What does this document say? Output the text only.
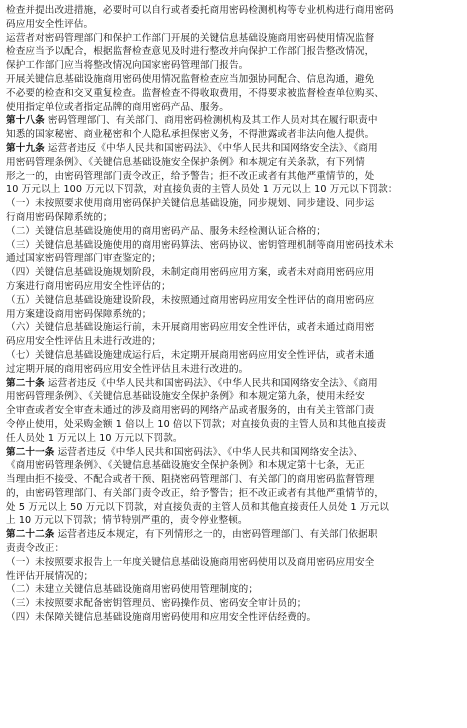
检查并提出改进措施，必要时可以自行或者委托商用密码检测机构等专业机构进行商用密码
码应用安全性评估。
运营者对密码管理部门和保护工作部门开展的关键信息基础设施商用密码使用情况监督
检查应当予以配合，根据监督检查意见及时进行整改并向保护工作部门报告整改情况，
保护工作部门应当将整改情况向国家密码管理部门报告。
开展关键信息基础设施商用密码使用情况监督检查应当加强协同配合、信息沟通，避免
不必要的检查和交叉重复检查。监督检查不得收取费用，不得要求被监督检查单位购买、
使用指定单位或者指定品牌的商用密码产品、服务。
第十八条 密码管理部门、有关部门、商用密码检测机构及其工作人员对其在履行职责中
知悉的国家秘密、商业秘密和个人隐私承担保密义务，不得泄露或者非法向他人提供。
第十九条 运营者违反《中华人民共和国密码法》、《中华人民共和国网络安全法》、《商用
用密码管理条例》、《关键信息基础设施安全保护条例》和本规定有关条款，有下列情
形之一的，由密码管理部门责令改正，给予警告；拒不改正或者有其他严重情节的，处
10 万元以上 100 万元以下罚款，对直接负责的主管人员处 1 万元以上 10 万元以下罚款：
（一）未按照要求使用商用密码保护关键信息基础设施，同步规划、同步建设、同步运
行商用密码保障系统的；
（二）关键信息基础设施使用的商用密码产品、服务未经检测认证合格的；
（三）关键信息基础设施使用的商用密码算法、密码协议、密钥管理机制等商用密码技术未
通过国家密码管理部门审查鉴定的；
（四）关键信息基础设施规划阶段，未制定商用密码应用方案，或者未对商用密码应用
方案进行商用密码应用安全性评估的；
（五）关键信息基础设施建设阶段，未按照通过商用密码应用安全性评估的商用密码应
用方案建设商用密码保障系统的；
（六）关键信息基础设施运行前，未开展商用密码应用安全性评估，或者未通过商用密
码应用安全性评估且未进行改进的；
（七）关键信息基础设施建成运行后，未定期开展商用密码应用安全性评估，或者未通
过定期开展的商用密码应用安全性评估且未进行改进的。
第二十条 运营者违反《中华人民共和国密码法》、《中华人民共和国网络安全法》、《商用
用密码管理条例》、《关键信息基础设施安全保护条例》和本规定第九条，使用未经安
全审查或者安全审查未通过的涉及商用密码的网络产品或者服务的，由有关主管部门责
令停止使用，处采购金额 1 倍以上 10 倍以下罚款；对直接负责的主管人员和其他直接责
任人员处 1 万元以上 10 万元以下罚款。
第二十一条 运营者违反《中华人民共和国密码法》、《中华人民共和国网络安全法》、
《商用密码管理条例》、《关键信息基础设施安全保护条例》和本规定第十七条，无正
当理由拒不接受、不配合或者干预、阻挠密码管理部门、有关部门的商用密码监督管理
的，由密码管理部门、有关部门责令改正，给予警告；拒不改正或者有其他严重情节的，
处 5 万元以上 50 万元以下罚款，对直接负责的主管人员和其他直接责任人员处 1 万元以
上 10 万元以下罚款；情节特别严重的，责令停业整顿。
第二十二条 运营者违反本规定，有下列情形之一的，由密码管理部门、有关部门依据职
责责令改正：
（一）未按照要求报告上一年度关键信息基础设施商用密码使用以及商用密码应用安全
性评估开展情况的；
（二）未建立关键信息基础设施商用密码使用管理制度的；
（三）未按照要求配备密钥管理员、密码操作员、密码安全审计员的；
（四）未保障关键信息基础设施商用密码使用和应用安全性评估经费的。
